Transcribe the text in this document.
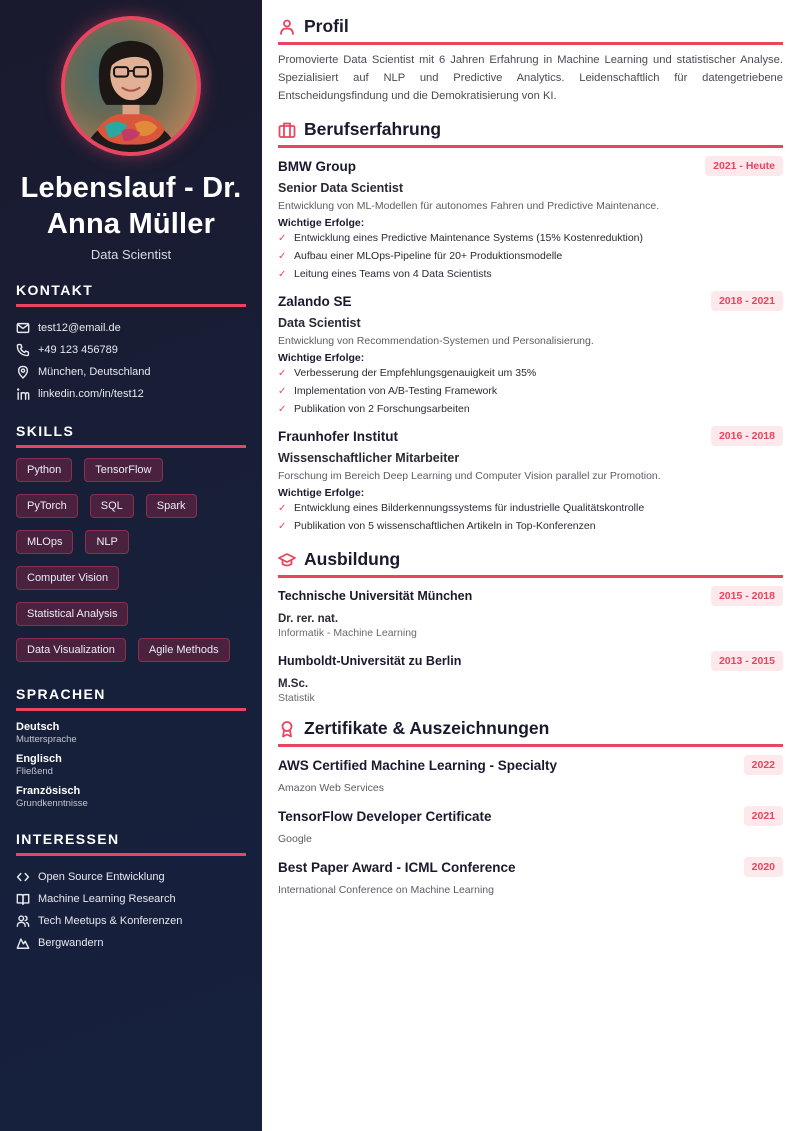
Lebenslauf - Dr. Anna Müller
Data Scientist
KONTAKT
test12@email.de
+49 123 456789
München, Deutschland
linkedin.com/in/test12
SKILLS
Python	TensorFlow
PyTorch	SQL	Spark
MLOps	NLP
Computer Vision
Statistical Analysis
Data Visualization	Agile Methods
SPRACHEN
Deutsch
Muttersprache
Englisch
Fließend
Französisch
Grundkenntnisse
INTERESSEN
Open Source Entwicklung
Machine Learning Research
Tech Meetups & Konferenzen
Bergwandern
Profil

Promovierte Data Scientist mit 6 Jahren Erfahrung in Machine Learning und statistischer Analyse. Spezialisiert auf NLP und Predictive Analytics. Leidenschaftlich für datengetriebene Entscheidungsfindung und die Demokratisierung von KI.

Berufserfahrung
BMW Group	2021 - Heute
Senior Data Scientist
Entwicklung von ML-Modellen für autonomes Fahren und Predictive Maintenance.
Wichtige Erfolge:
✓ Entwicklung eines Predictive Maintenance Systems (15% Kostenreduktion)
✓ Aufbau einer MLOps-Pipeline für 20+ Produktionsmodelle
✓ Leitung eines Teams von 4 Data Scientists
Zalando SE	2018 - 2021
Data Scientist
Entwicklung von Recommendation-Systemen und Personalisierung.
Wichtige Erfolge:
✓ Verbesserung der Empfehlungsgenauigkeit um 35%
✓ Implementation von A/B-Testing Framework
✓ Publikation von 2 Forschungsarbeiten
Fraunhofer Institut	2016 - 2018
Wissenschaftlicher Mitarbeiter
Forschung im Bereich Deep Learning und Computer Vision parallel zur Promotion.
Wichtige Erfolge:
✓ Entwicklung eines Bilderkennungssystems für industrielle Qualitätskontrolle
✓ Publikation von 5 wissenschaftlichen Artikeln in Top-Konferenzen
Ausbildung
Technische Universität München	2015 - 2018
Dr. rer. nat.
Informatik - Machine Learning
Humboldt-Universität zu Berlin	2013 - 2015
M.Sc.
Statistik
Zertifikate & Auszeichnungen
AWS Certified Machine Learning - Specialty	2022
Amazon Web Services
TensorFlow Developer Certificate	2021
Google
Best Paper Award - ICML Conference	2020
International Conference on Machine Learning
